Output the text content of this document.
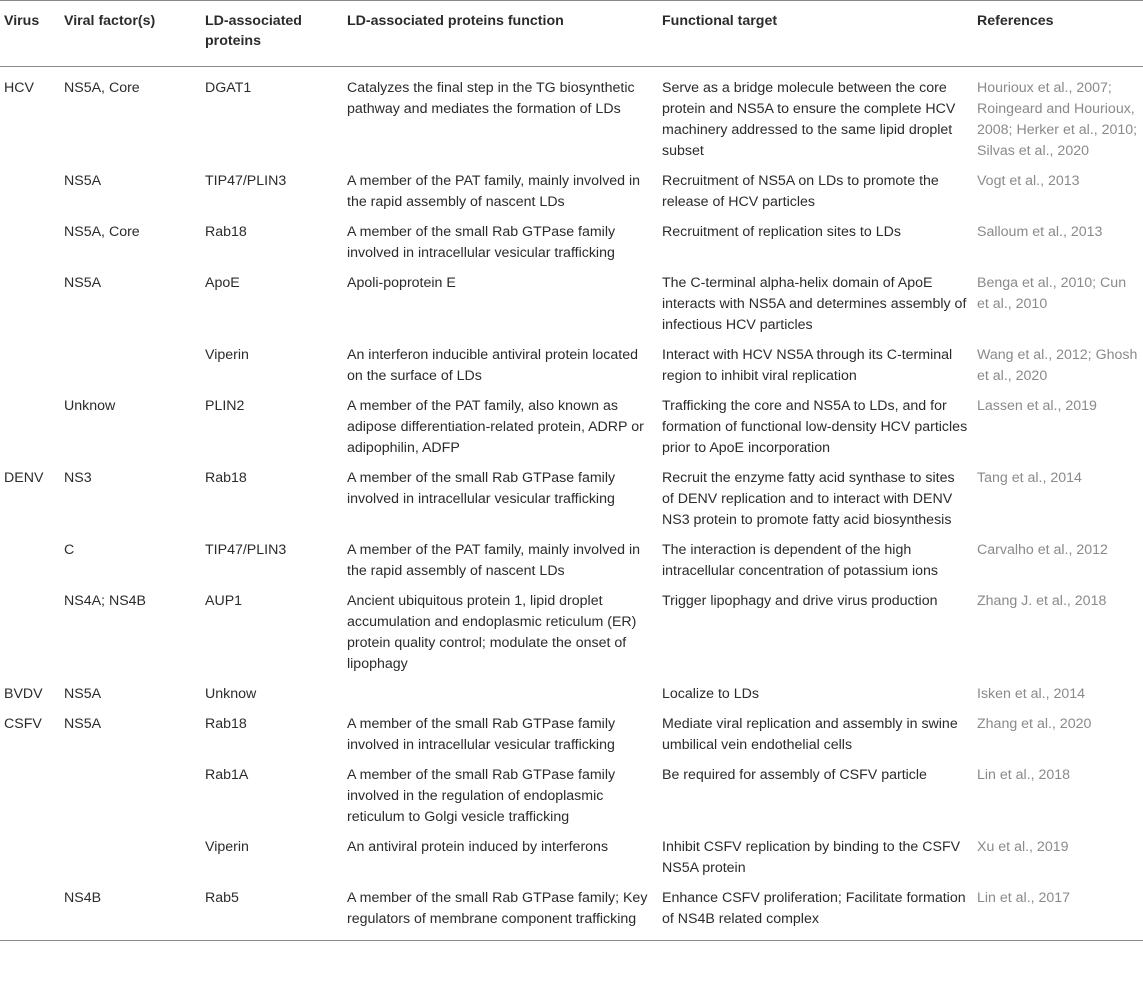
Virus	Viral factor(s)	LD-associated proteins	LD-associated proteins function	Functional target	References
HCV	NS5A, Core	DGAT1	Catalyzes the final step in the TG biosynthetic pathway and mediates the formation of LDs	Serve as a bridge molecule between the core protein and NS5A to ensure the complete HCV machinery addressed to the same lipid droplet subset	Hourioux et al., 2007; Roingeard and Hourioux, 2008; Herker et al., 2010; Silvas et al., 2020
	NS5A	TIP47/PLIN3	A member of the PAT family, mainly involved in the rapid assembly of nascent LDs	Recruitment of NS5A on LDs to promote the release of HCV particles	Vogt et al., 2013
	NS5A, Core	Rab18	A member of the small Rab GTPase family involved in intracellular vesicular trafficking	Recruitment of replication sites to LDs	Salloum et al., 2013
	NS5A	ApoE	Apoli-poprotein E	The C-terminal alpha-helix domain of ApoE interacts with NS5A and determines assembly of infectious HCV particles	Benga et al., 2010; Cun et al., 2010
		Viperin	An interferon inducible antiviral protein located on the surface of LDs	Interact with HCV NS5A through its C-terminal region to inhibit viral replication	Wang et al., 2012; Ghosh et al., 2020
	Unknow	PLIN2	A member of the PAT family, also known as adipose differentiation-related protein, ADRP or adipophilin, ADFP	Trafficking the core and NS5A to LDs, and for formation of functional low-density HCV particles prior to ApoE incorporation	Lassen et al., 2019
DENV	NS3	Rab18	A member of the small Rab GTPase family involved in intracellular vesicular trafficking	Recruit the enzyme fatty acid synthase to sites of DENV replication and to interact with DENV NS3 protein to promote fatty acid biosynthesis	Tang et al., 2014
	C	TIP47/PLIN3	A member of the PAT family, mainly involved in the rapid assembly of nascent LDs	The interaction is dependent of the high intracellular concentration of potassium ions	Carvalho et al., 2012
	NS4A; NS4B	AUP1	Ancient ubiquitous protein 1, lipid droplet accumulation and endoplasmic reticulum (ER) protein quality control; modulate the onset of lipophagy	Trigger lipophagy and drive virus production	Zhang J. et al., 2018
BVDV	NS5A	Unknow		Localize to LDs	Isken et al., 2014
CSFV	NS5A	Rab18	A member of the small Rab GTPase family involved in intracellular vesicular trafficking	Mediate viral replication and assembly in swine umbilical vein endothelial cells	Zhang et al., 2020
		Rab1A	A member of the small Rab GTPase family involved in the regulation of endoplasmic reticulum to Golgi vesicle trafficking	Be required for assembly of CSFV particle	Lin et al., 2018
		Viperin	An antiviral protein induced by interferons	Inhibit CSFV replication by binding to the CSFV NS5A protein	Xu et al., 2019
	NS4B	Rab5	A member of the small Rab GTPase family; Key regulators of membrane component trafficking	Enhance CSFV proliferation; Facilitate formation of NS4B related complex	Lin et al., 2017
